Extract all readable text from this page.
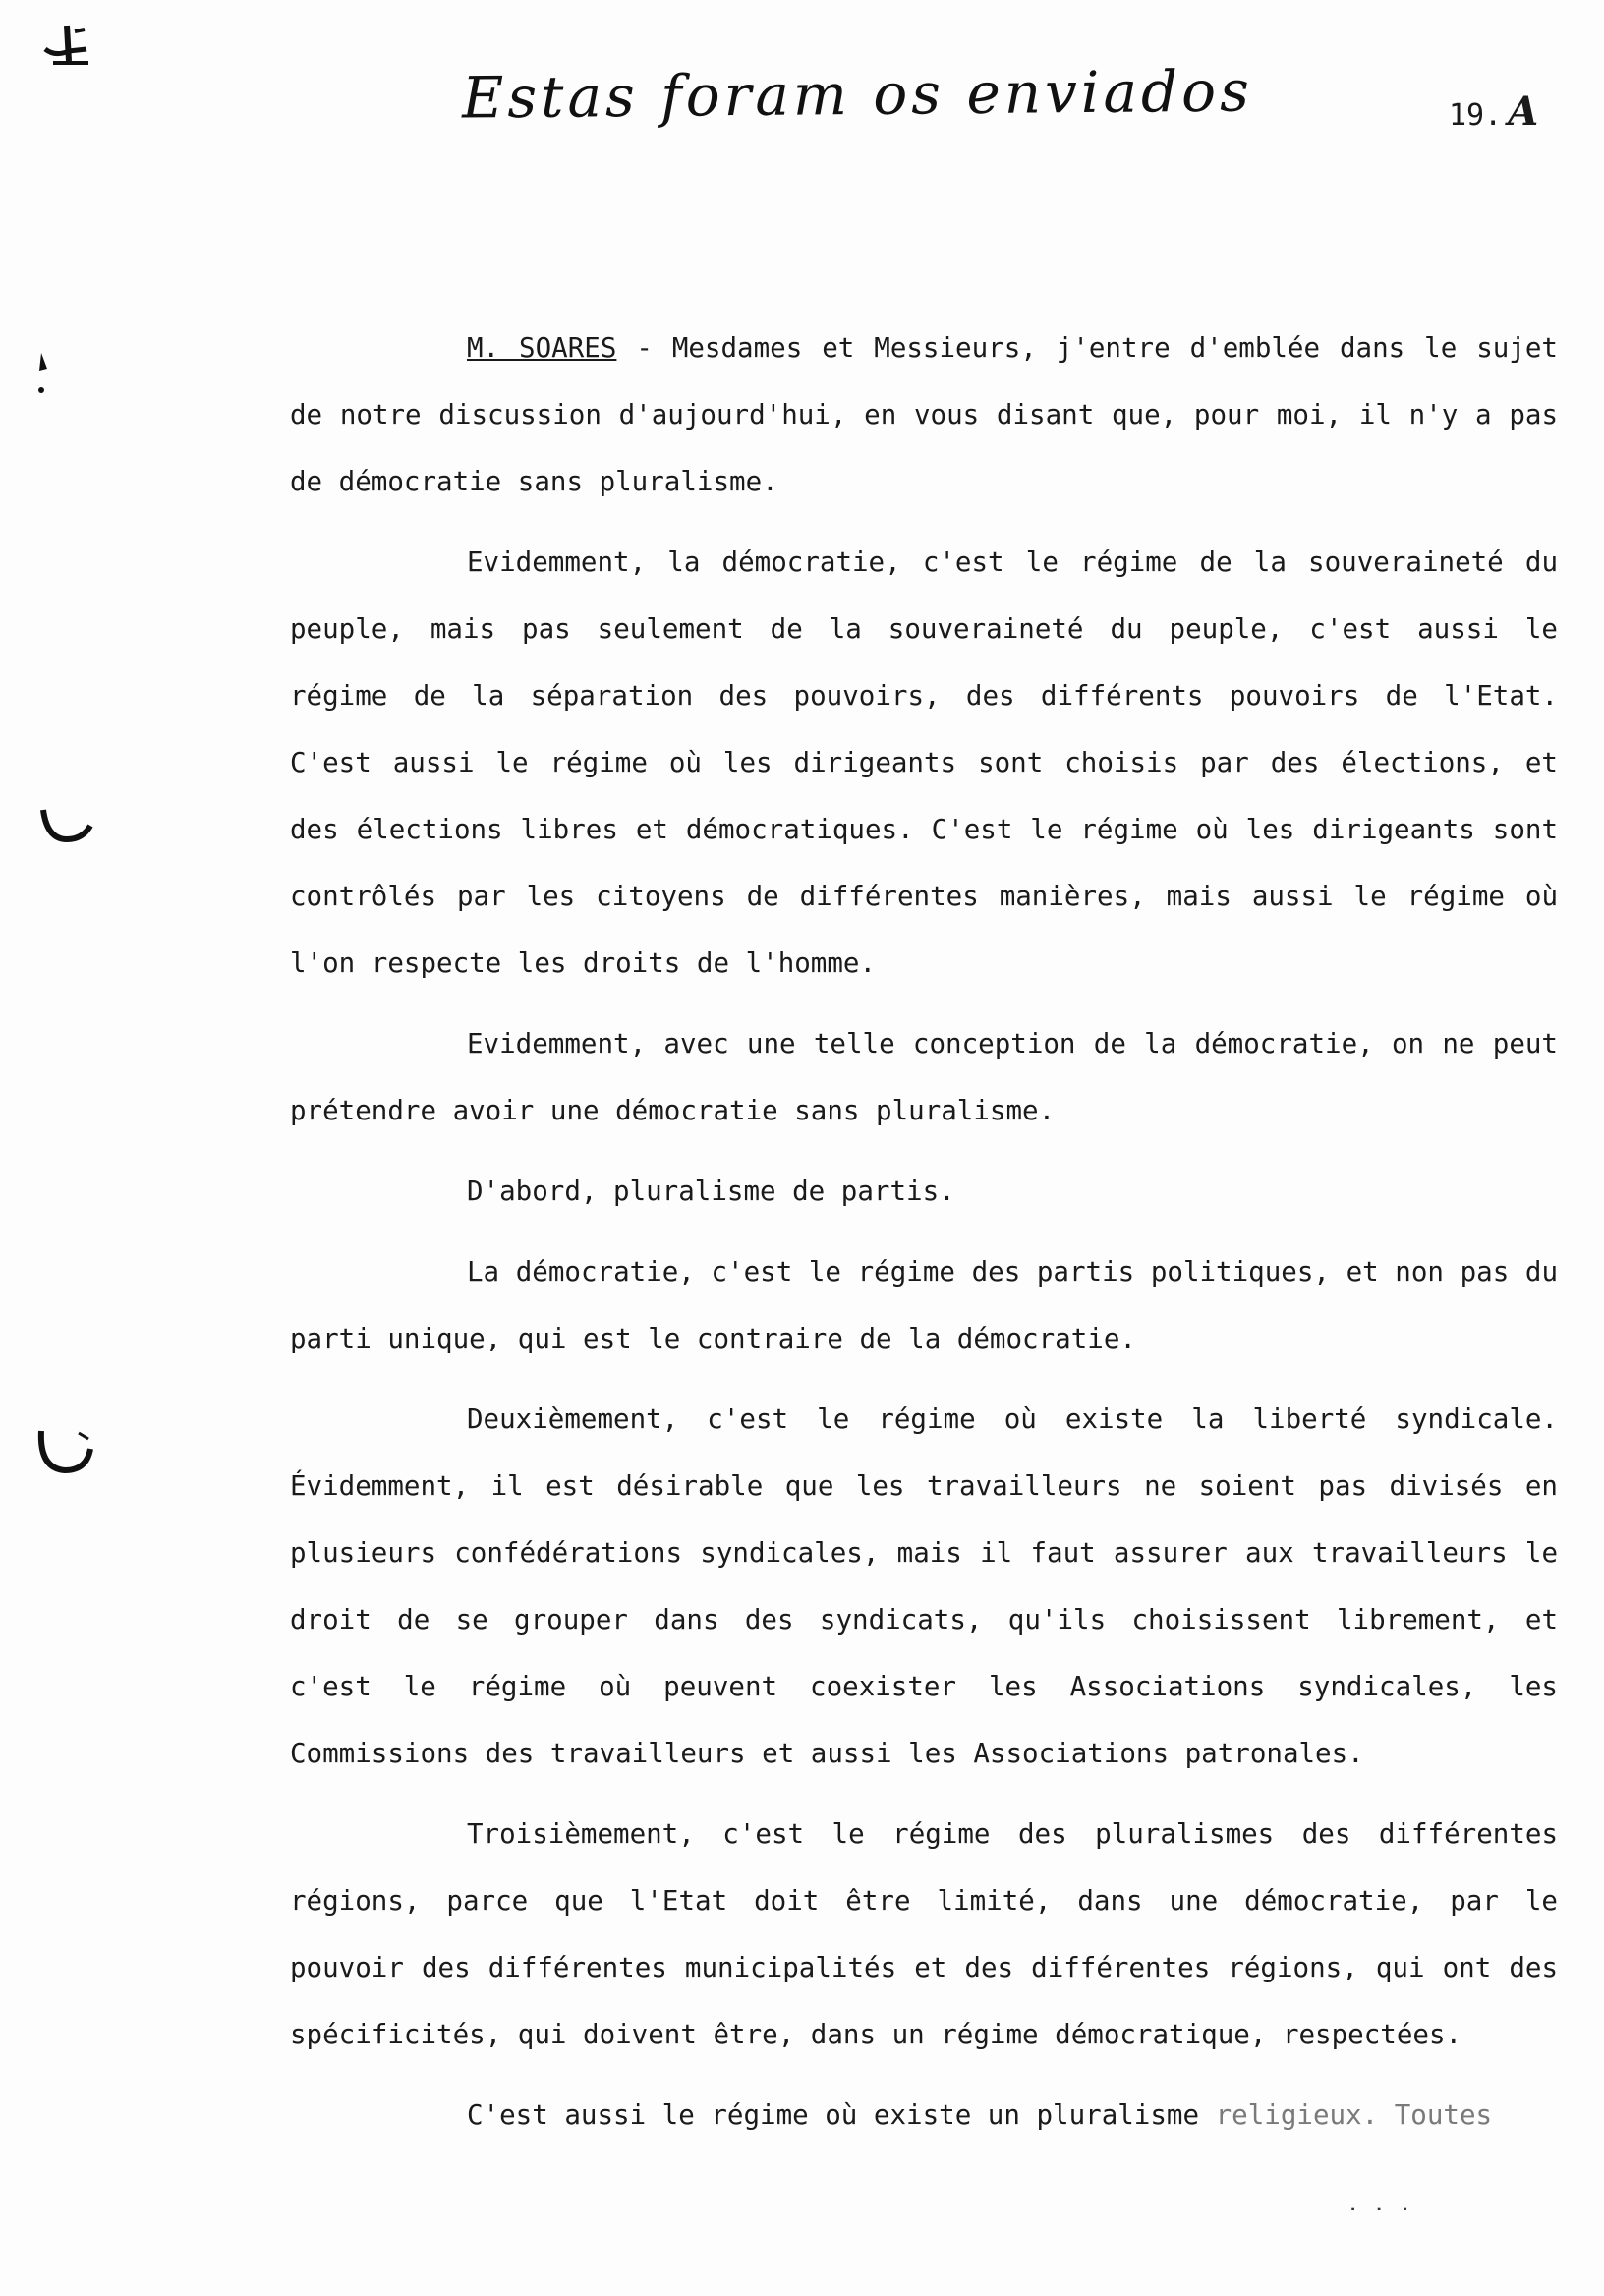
Estas foram os enviados	19. A

M. SOARES - Mesdames et Messieurs, j'entre d'emblée dans le sujet de notre discussion d'aujourd'hui, en vous disant que, pour moi, il n'y a pas de démocratie sans pluralisme.

Evidemment, la démocratie, c'est le régime de la souveraineté du peuple, mais pas seulement de la souveraineté du peuple, c'est aussi le régime de la séparation des pouvoirs, des différents pouvoirs de l'Etat. C'est aussi le régime où les dirigeants sont choisis par des élections, et des élections libres et démocratiques. C'est le régime où les dirigeants sont contrôlés par les citoyens de différentes manières, mais aussi le régime où l'on respecte les droits de l'homme.

Evidemment, avec une telle conception de la démocratie, on ne peut prétendre avoir une démocratie sans pluralisme.

D'abord, pluralisme de partis.

La démocratie, c'est le régime des partis politiques, et non pas du parti unique, qui est le contraire de la démocratie.

Deuxièmement, c'est le régime où existe la liberté syndicale. Évidemment, il est désirable que les travailleurs ne soient pas divisés en plusieurs confédérations syndicales, mais il faut assurer aux travailleurs le droit de se grouper dans des syndicats, qu'ils choisissent librement, et c'est le régime où peuvent coexister les Associations syndicales, les Commissions des travailleurs et aussi les Associations patronales.

Troisièmement, c'est le régime des pluralismes des différentes régions, parce que l'Etat doit être limité, dans une démocratie, par le pouvoir des différentes municipalités et des différentes régions, qui ont des spécificités, qui doivent être, dans un régime démocratique, respectées.

C'est aussi le régime où existe un pluralisme religieux. Toutes

. . .
